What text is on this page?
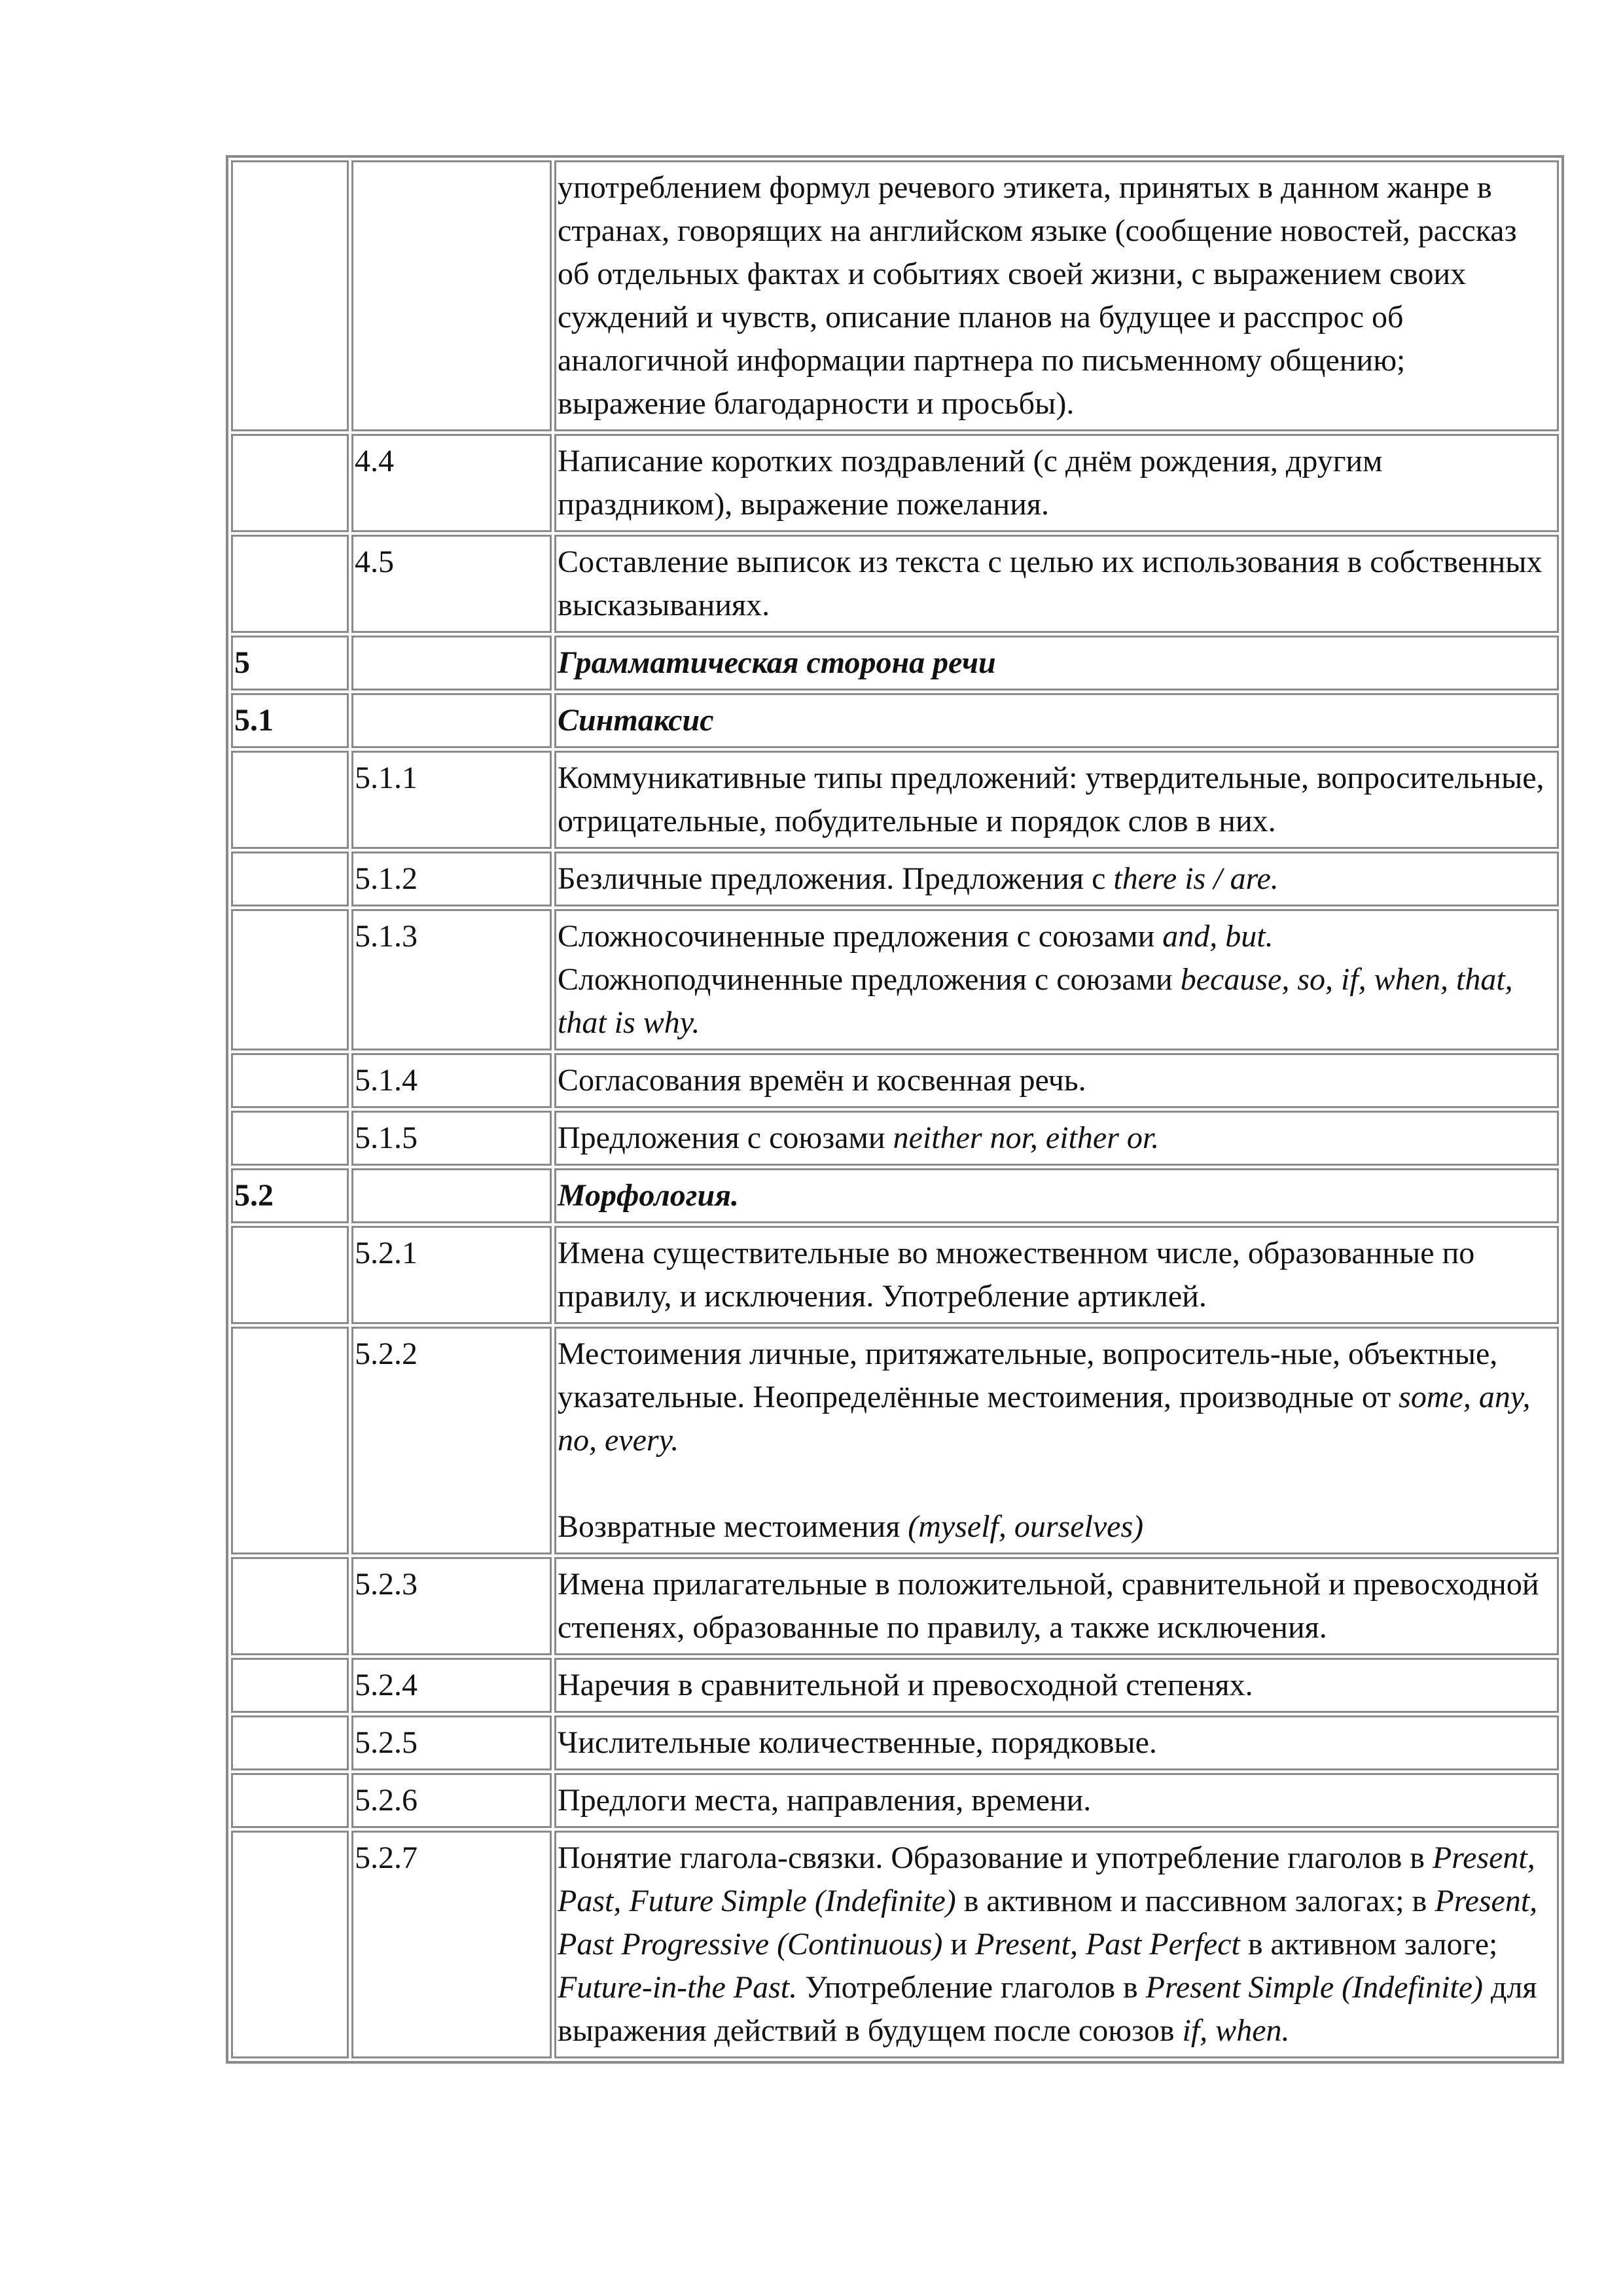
		употреблением формул речевого этикета, принятых в данном жанре в странах, говорящих на английском языке (сообщение новостей, рассказ об отдельных фактах и событиях своей жизни, с выражением своих суждений и чувств, описание планов на будущее и расспрос об аналогичной информации партнера по письменному общению; выражение благодарности и просьбы).
	4.4	Написание коротких поздравлений (с днём рождения, другим праздником), выражение пожелания.
	4.5	Составление выписок из текста с целью их использования в собственных высказываниях.
5		Грамматическая сторона речи
5.1		Синтаксис
	5.1.1	Коммуникативные типы предложений: утвердительные, вопросительные, отрицательные, побудительные и порядок слов в них.
	5.1.2	Безличные предложения. Предложения с there is / are.
	5.1.3	Сложносочиненные предложения с союзами and, but. Сложноподчиненные предложения с союзами because, so, if, when, that, that is why.
	5.1.4	Согласования времён и косвенная речь.
	5.1.5	Предложения с союзами neither nor, either or.
5.2		Морфология.
	5.2.1	Имена существительные во множественном числе, образованные по правилу, и исключения. Употребление артиклей.
	5.2.2	Местоимения личные, притяжательные, вопроситель-ные, объектные, указательные. Неопределённые местоимения, производные от some, any, no, every.
Возвратные местоимения (myself, ourselves)
	5.2.3	Имена прилагательные в положительной, сравнительной и превосходной степенях, образованные по правилу, а также исключения.
	5.2.4	Наречия в сравнительной и превосходной степенях.
	5.2.5	Числительные количественные, порядковые.
	5.2.6	Предлоги места, направления, времени.
	5.2.7	Понятие глагола-связки. Образование и употребление глаголов в Present, Past, Future Simple (Indefinite) в активном и пассивном залогах; в Present, Past Progressive (Continuous) и Present, Past Perfect в активном залоге; Future-in-the Past. Употребление глаголов в Present Simple (Indefinite) для выражения действий в будущем после союзов if, when.
